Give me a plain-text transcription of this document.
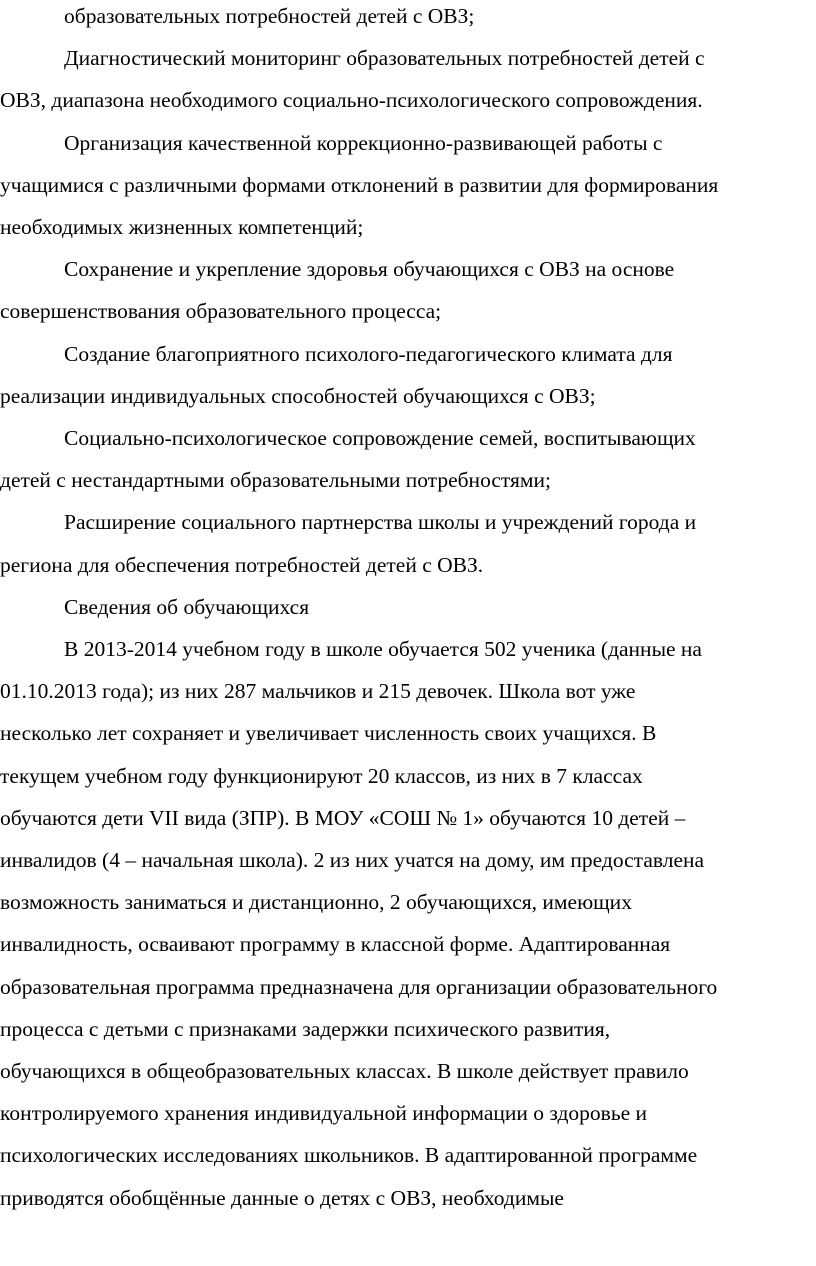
образовательных потребностей детей с ОВЗ;
Диагностический мониторинг образовательных потребностей детей с
ОВЗ, диапазона необходимого социально-психологического сопровождения.
Организация качественной коррекционно-развивающей работы с
учащимися с различными формами отклонений в развитии для формирования
необходимых жизненных компетенций;
Сохранение и укрепление здоровья обучающихся с ОВЗ на основе
совершенствования образовательного процесса;
Создание благоприятного психолого-педагогического климата для
реализации индивидуальных способностей обучающихся с ОВЗ;
Социально-психологическое сопровождение семей, воспитывающих
детей с нестандартными образовательными потребностями;
Расширение социального партнерства школы и учреждений города и
региона для обеспечения потребностей детей с ОВЗ.
Сведения об обучающихся
В 2013-2014 учебном году в школе обучается 502 ученика (данные на
01.10.2013 года); из них 287 мальчиков и 215 девочек. Школа вот уже
несколько лет сохраняет и увеличивает численность своих учащихся. В
текущем учебном году функционируют 20 классов, из них в 7 классах
обучаются дети VII вида (ЗПР). В МОУ «СОШ № 1» обучаются 10 детей –
инвалидов (4 – начальная школа). 2 из них учатся на дому, им предоставлена
возможность заниматься и дистанционно, 2 обучающихся, имеющих
инвалидность, осваивают программу в классной форме. Адаптированная
образовательная программа предназначена для организации образовательного
процесса с детьми с признаками задержки психического развития,
обучающихся в общеобразовательных классах. В школе действует правило
контролируемого хранения индивидуальной информации о здоровье и
психологических исследованиях школьников. В адаптированной программе
приводятся обобщённые данные о детях с ОВЗ, необходимые
